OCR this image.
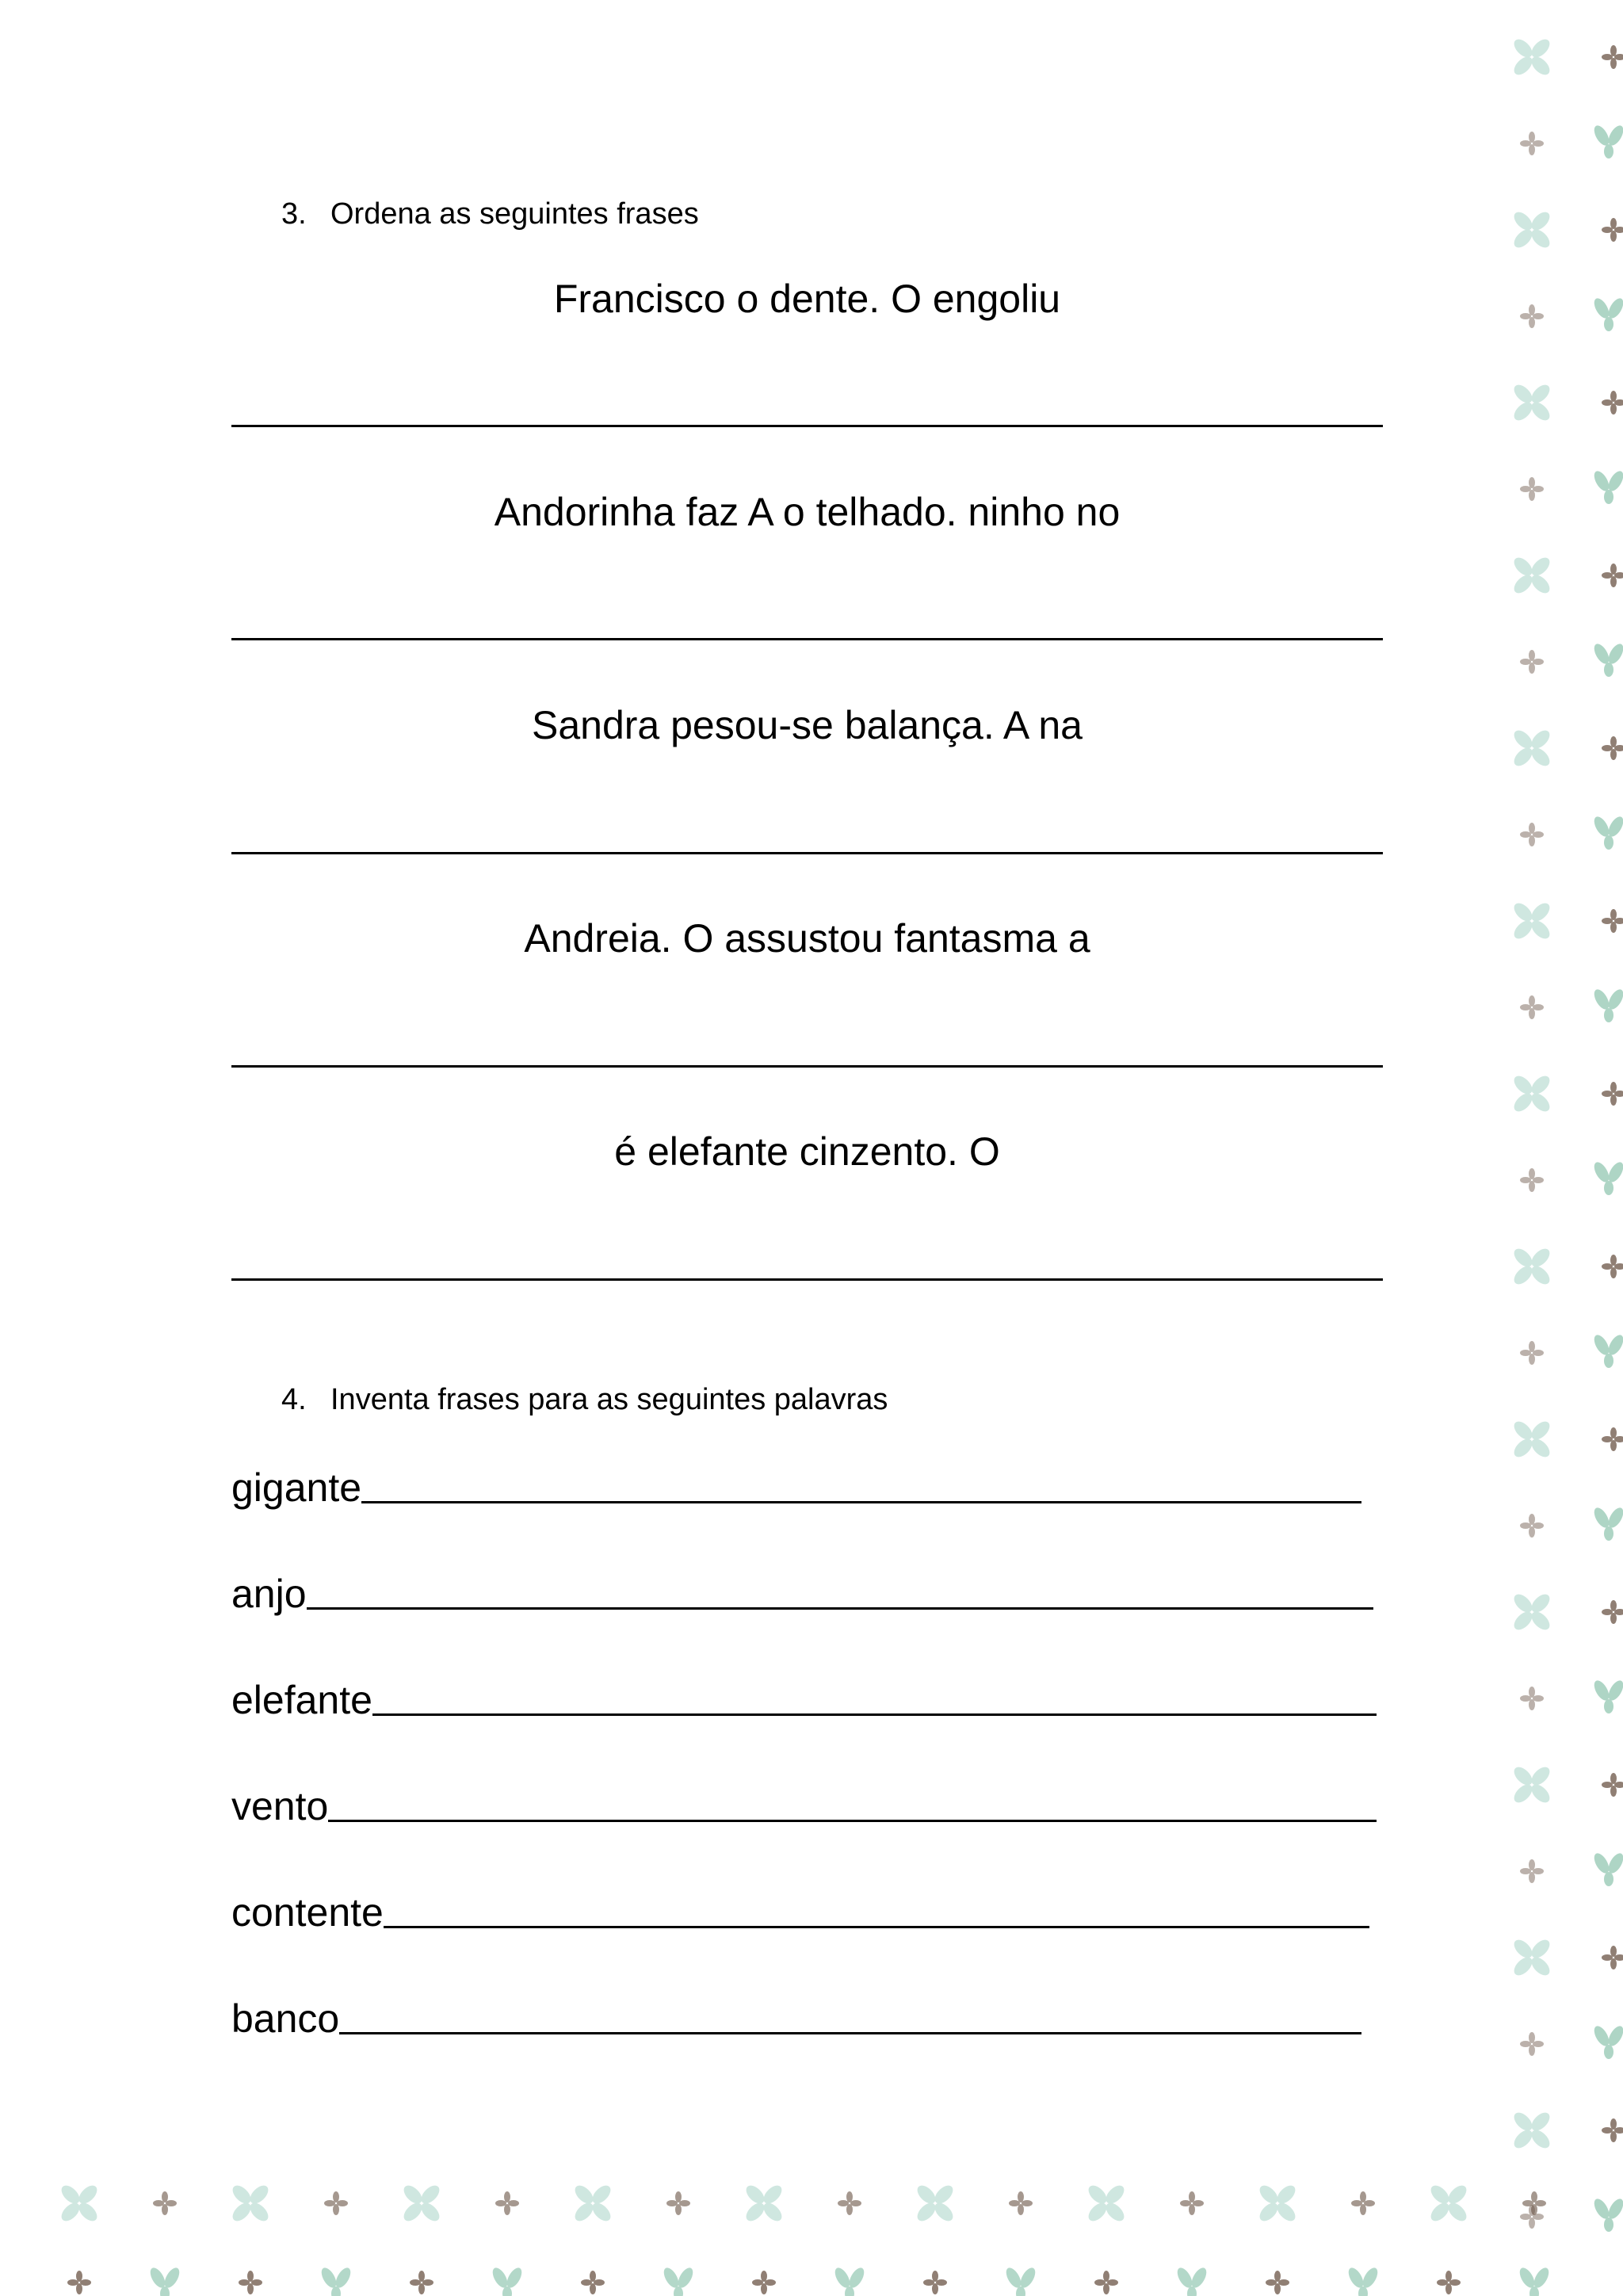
3. Ordena as seguintes frases
Francisco o dente. O engoliu
Andorinha faz A o telhado. ninho no
Sandra pesou-se balança. A na
Andreia. O assustou fantasma a
é elefante cinzento. O
4. Inventa frases para as seguintes palavras
gigante
anjo
elefante
vento
contente
banco
